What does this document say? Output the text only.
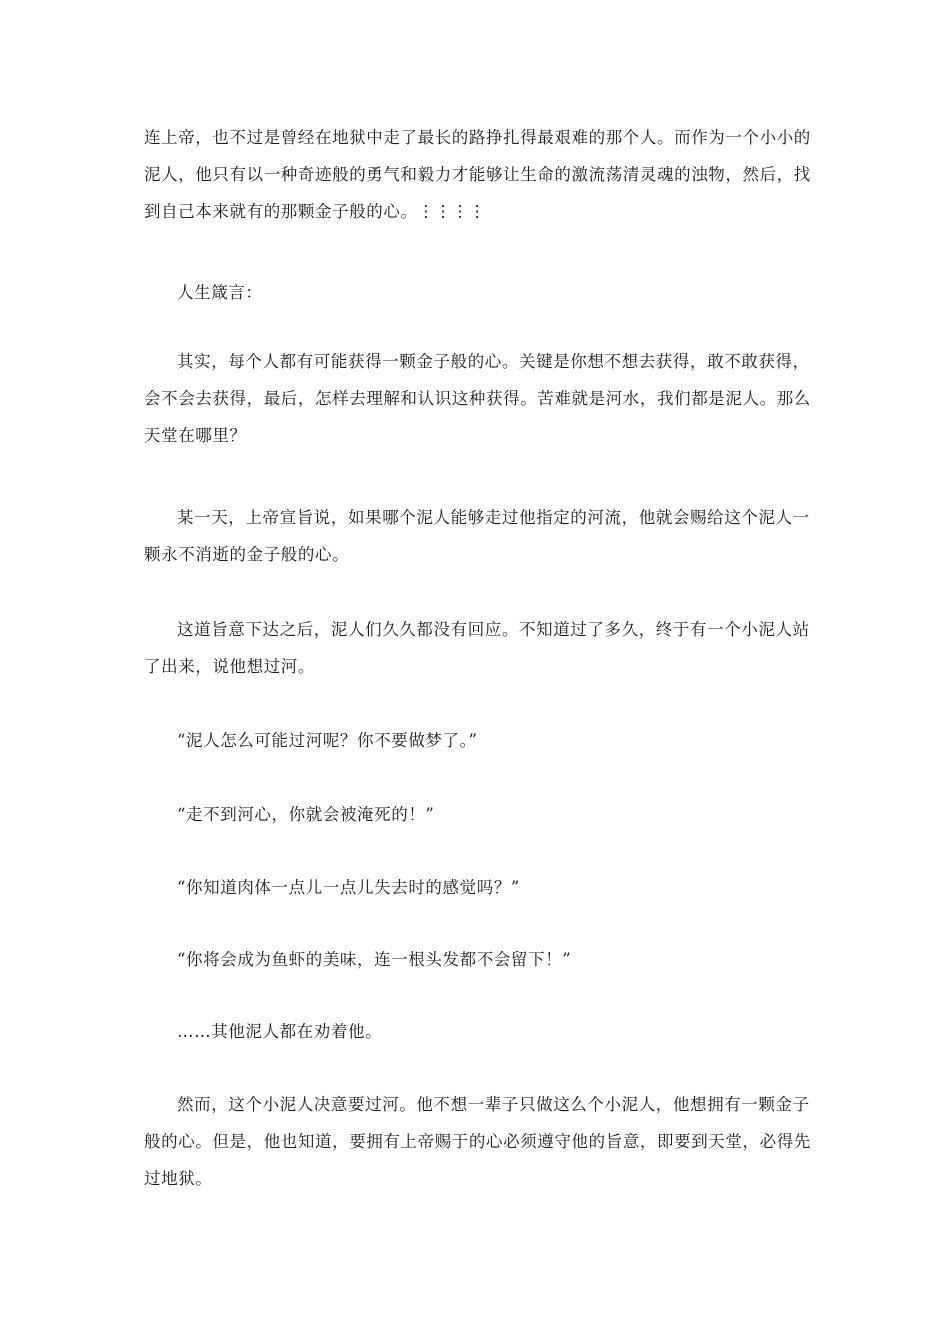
连上帝，也不过是曾经在地狱中走了最长的路挣扎得最艰难的那个人。而作为一个小小的
泥人，他只有以一种奇迹般的勇气和毅力才能够让生命的激流荡清灵魂的浊物，然后，找
到自己本来就有的那颗金子般的心。⋮⋮⋮⋮

人生箴言：

其实，每个人都有可能获得一颗金子般的心。关键是你想不想去获得，敢不敢获得，
会不会去获得，最后，怎样去理解和认识这种获得。苦难就是河水，我们都是泥人。那么
天堂在哪里？

某一天，上帝宣旨说，如果哪个泥人能够走过他指定的河流，他就会赐给这个泥人一
颗永不消逝的金子般的心。

这道旨意下达之后，泥人们久久都没有回应。不知道过了多久，终于有一个小泥人站
了出来，说他想过河。

“泥人怎么可能过河呢？你不要做梦了。”

“走不到河心，你就会被淹死的！”

“你知道肉体一点儿一点儿失去时的感觉吗？”

“你将会成为鱼虾的美味，连一根头发都不会留下！”

……其他泥人都在劝着他。

然而，这个小泥人决意要过河。他不想一辈子只做这么个小泥人，他想拥有一颗金子
般的心。但是，他也知道，要拥有上帝赐于的心必须遵守他的旨意，即要到天堂，必得先
过地狱。
